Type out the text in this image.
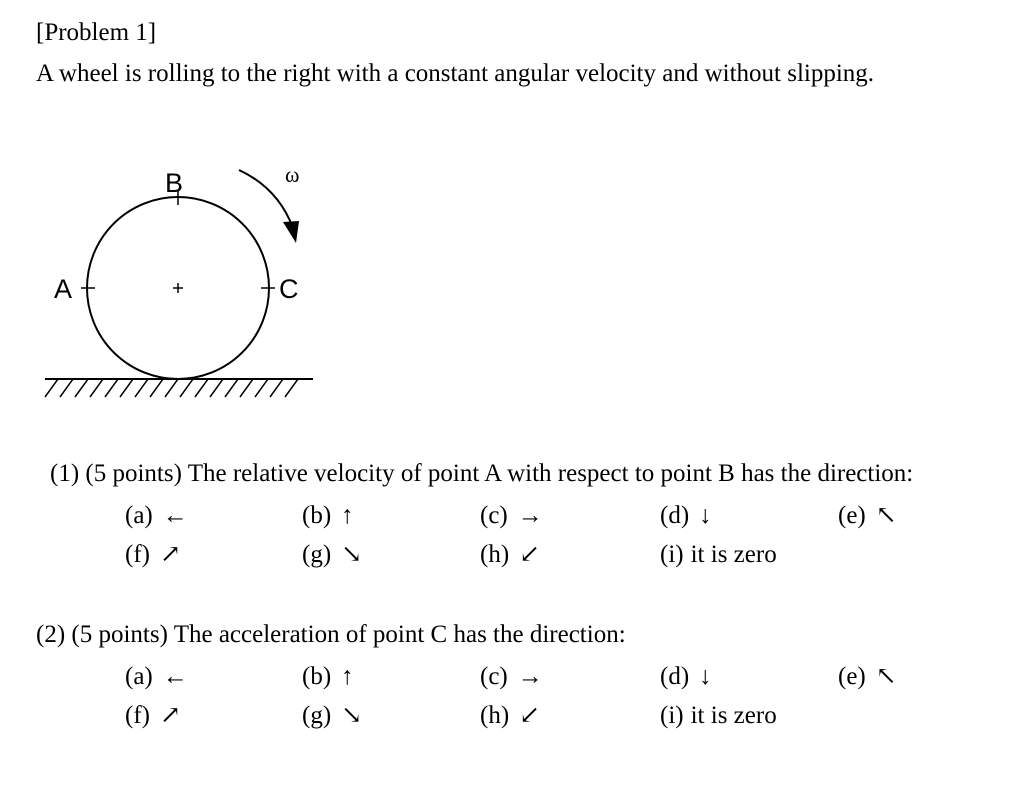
[Problem 1]
A wheel is rolling to the right with a constant angular velocity and without slipping.
A
B
C
ω
(1) (5 points) The relative velocity of point A with respect to point B has the direction:
(a) ←	(b) ↑	(c) →	(d) ↓	(e) ↖
(f) ↗	(g) ↘	(h) ↙	(i) it is zero
(2) (5 points) The acceleration of point C has the direction:
(a) ←	(b) ↑	(c) →	(d) ↓	(e) ↖
(f) ↗	(g) ↘	(h) ↙	(i) it is zero
